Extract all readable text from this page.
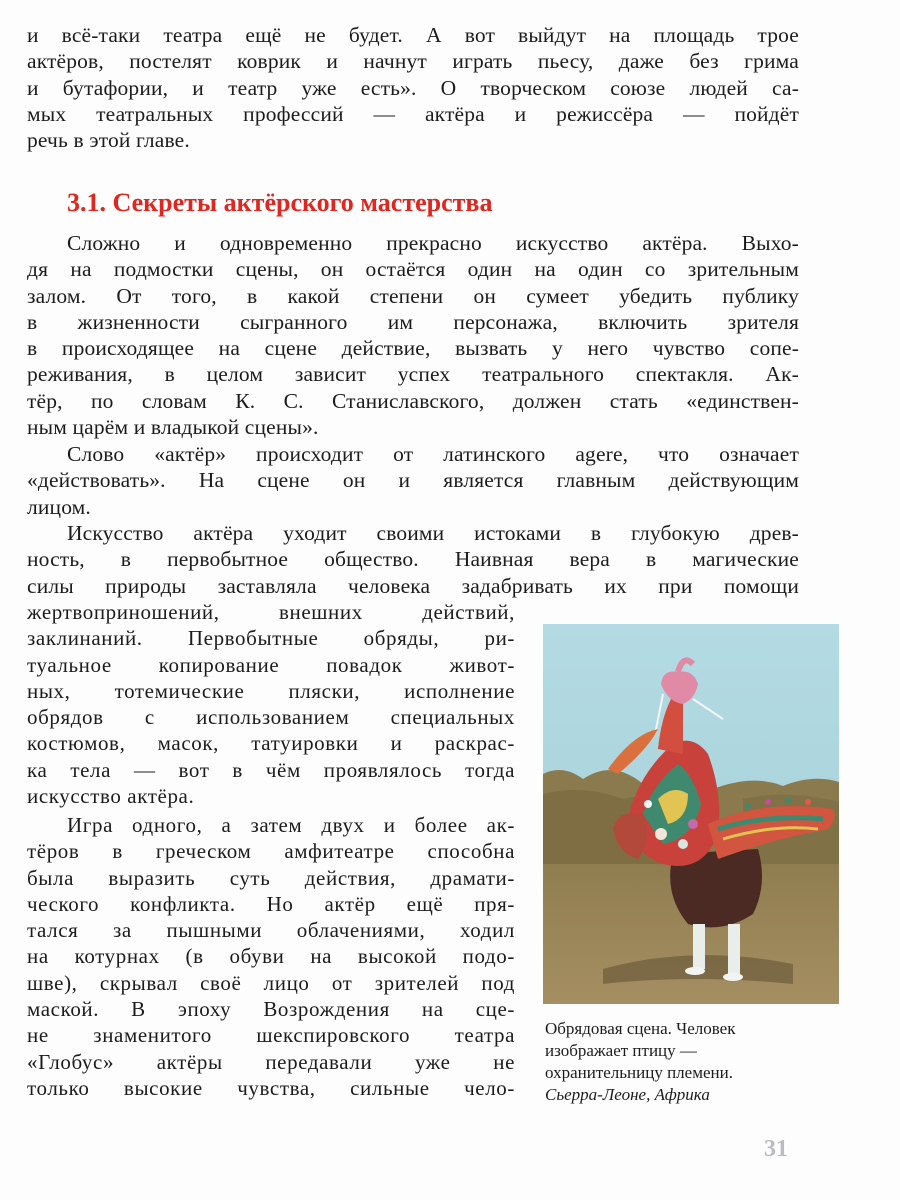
и всё-таки театра ещё не будет. А вот выйдут на площадь трое
актёров, постелят коврик и начнут играть пьесу, даже без грима
и бутафории, и театр уже есть». О творческом союзе людей са-
мых театральных профессий — актёра и режиссёра — пойдёт
речь в этой главе.

3.1. Секреты актёрского мастерства

Сложно и одновременно прекрасно искусство актёра. Выхо-
дя на подмостки сцены, он остаётся один на один со зрительным
залом. От того, в какой степени он сумеет убедить публику
в жизненности сыгранного им персонажа, включить зрителя
в происходящее на сцене действие, вызвать у него чувство сопе-
реживания, в целом зависит успех театрального спектакля. Ак-
тёр, по словам К. С. Станиславского, должен стать «единствен-
ным царём и владыкой сцены».

Слово «актёр» происходит от латинского agere, что означает
«действовать». На сцене он и является главным действующим
лицом.

Искусство актёра уходит своими истоками в глубокую древ-
ность, в первобытное общество. Наивная вера в магические
силы природы заставляла человека задабривать их при помощи

жертвоприношений, внешних действий,
заклинаний. Первобытные обряды, ри-
туальное копирование повадок живот-
ных, тотемические пляски, исполнение
обрядов с использованием специальных
костюмов, масок, татуировки и раскрас-
ка тела — вот в чём проявлялось тогда
искусство актёра.

Игра одного, а затем двух и более ак-
тёров в греческом амфитеатре способна
была выразить суть действия, драмати-
ческого конфликта. Но актёр ещё пря-
тался за пышными облачениями, ходил
на котурнах (в обуви на высокой подо-
шве), скрывал своё лицо от зрителей под
маской. В эпоху Возрождения на сце-
не знаменитого шекспировского театра
«Глобус» актёры передавали уже не
только высокие чувства, сильные чело-

Обрядовая сцена. Человек
изображает птицу —
охранительницу племени.
Сьерра-Леоне, Африка
31
